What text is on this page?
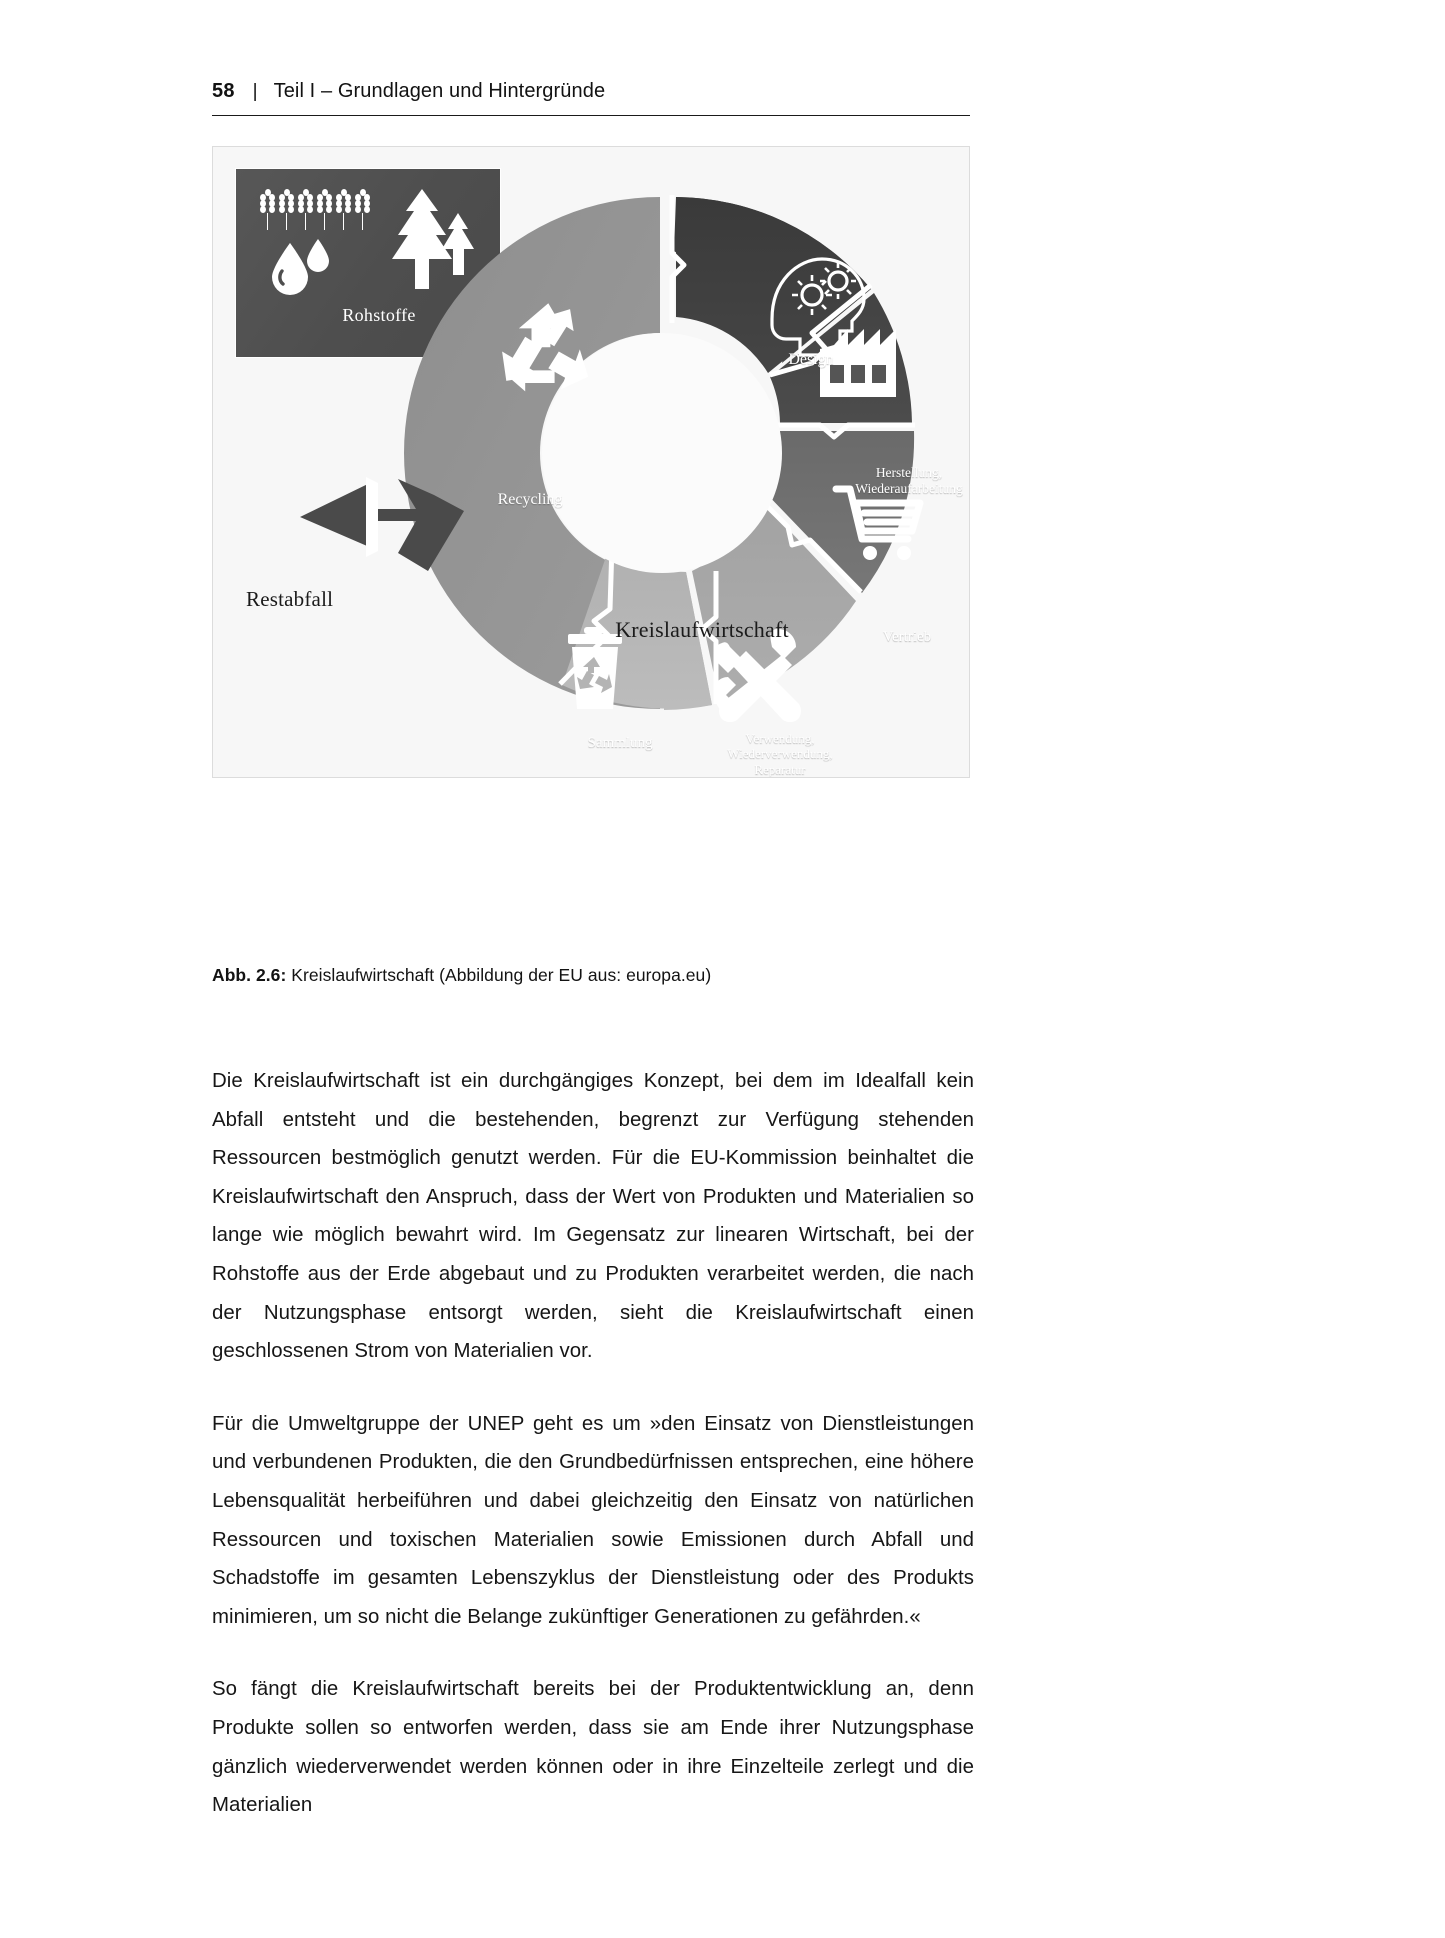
58 | Teil I – Grundlagen und Hintergründe
Rohstoffe
Design
Herstellung,
Wiederaufarbeitung
Vertrieb
Verwendung,
Wiederverwendung,
Reparatur
Sammlung
Recycling
Kreislaufwirtschaft
Restabfall
Abb. 2.6: Kreislaufwirtschaft (Abbildung der EU aus: europa.eu)

Die Kreislaufwirtschaft ist ein durchgängiges Konzept, bei dem im Idealfall kein Abfall entsteht und die bestehenden, begrenzt zur Verfügung stehenden Ressourcen bestmöglich genutzt werden. Für die EU-Kommission beinhaltet die Kreislaufwirtschaft den Anspruch, dass der Wert von Produkten und Materialien so lange wie möglich bewahrt wird. Im Gegensatz zur linearen Wirtschaft, bei der Rohstoffe aus der Erde abgebaut und zu Produkten verarbeitet werden, die nach der Nutzungsphase entsorgt werden, sieht die Kreislaufwirtschaft einen geschlossenen Strom von Materialien vor.

Für die Umweltgruppe der UNEP geht es um »den Einsatz von Dienstleistungen und verbundenen Produkten, die den Grundbedürfnissen entsprechen, eine höhere Lebensqualität herbeiführen und dabei gleichzeitig den Einsatz von natürlichen Ressourcen und toxischen Materialien sowie Emissionen durch Abfall und Schadstoffe im gesamten Lebenszyklus der Dienstleistung oder des Produkts minimieren, um so nicht die Belange zukünftiger Generationen zu gefährden.«

So fängt die Kreislaufwirtschaft bereits bei der Produktentwicklung an, denn Produkte sollen so entworfen werden, dass sie am Ende ihrer Nutzungsphase gänzlich wiederverwendet werden können oder in ihre Einzelteile zerlegt und die Materialien
